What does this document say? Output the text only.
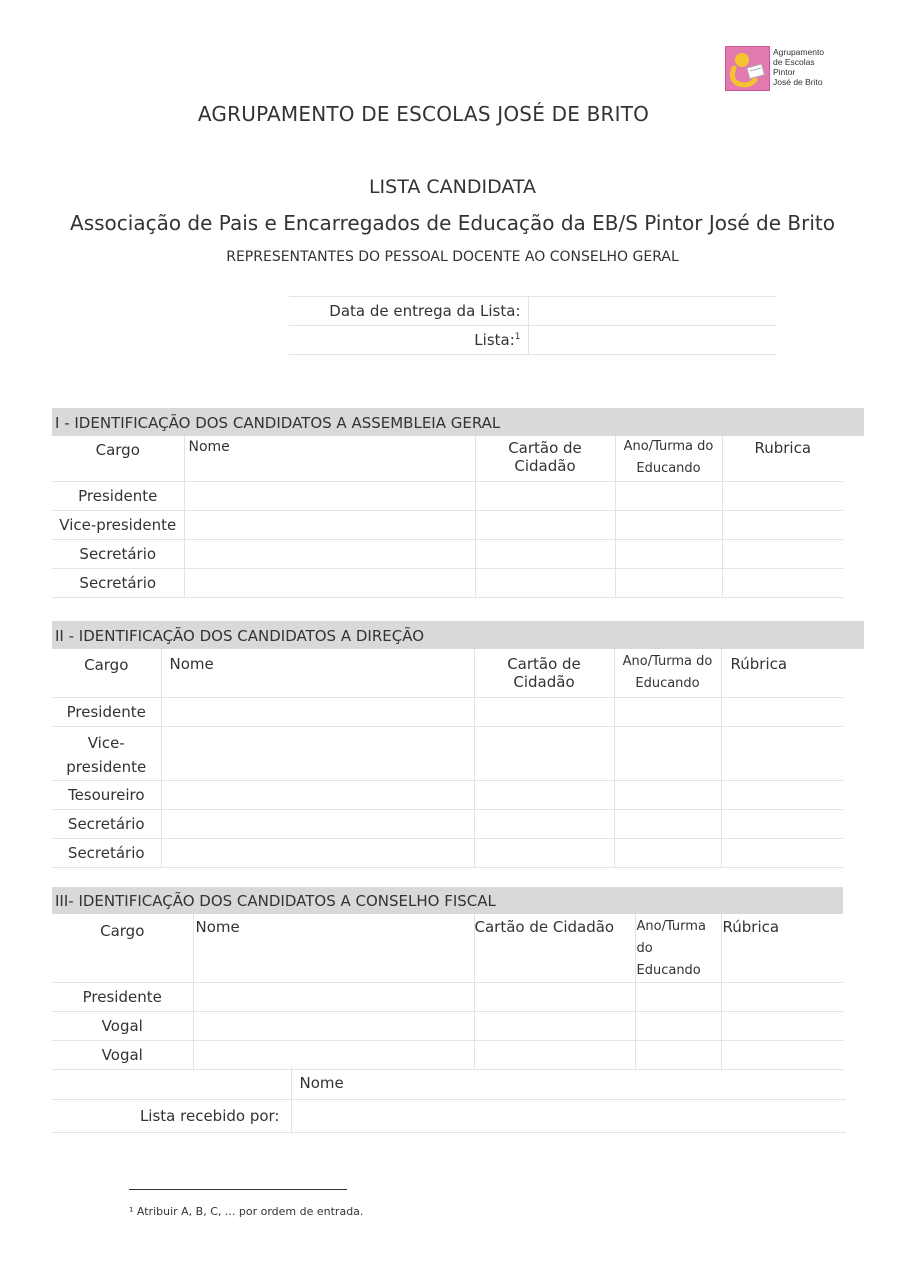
Agrupamento
de Escolas
Pintor
José de Brito
AGRUPAMENTO DE ESCOLAS JOSÉ DE BRITO
LISTA CANDIDATA
Associação de Pais e Encarregados de Educação da EB/S Pintor José de Brito
REPRESENTANTES DO PESSOAL DOCENTE AO CONSELHO GERAL
Data de entrega da Lista:	
Lista:$^1$	
I - IDENTIFICAÇÃO DOS CANDIDATOS A ASSEMBLEIA GERAL
Cargo	Nome	Cartão de Cidadão	Ano/Turma do Educando	Rubrica
Presidente				
Vice-presidente				
Secretário				
Secretário				
II - IDENTIFICAÇÃO DOS CANDIDATOS A DIREÇÃO
Cargo	Nome	Cartão de Cidadão	Ano/Turma do Educando	Rúbrica
Presidente				
Vice-presidente				
Tesoureiro				
Secretário				
Secretário				
III- IDENTIFICAÇÃO DOS CANDIDATOS A CONSELHO FISCAL
Cargo	Nome	Cartão de Cidadão	Ano/Turma do Educando	Rúbrica
Presidente				
Vogal				
Vogal				
	Nome
Lista recebido por:	
¹ Atribuir A, B, C, ... por ordem de entrada.
